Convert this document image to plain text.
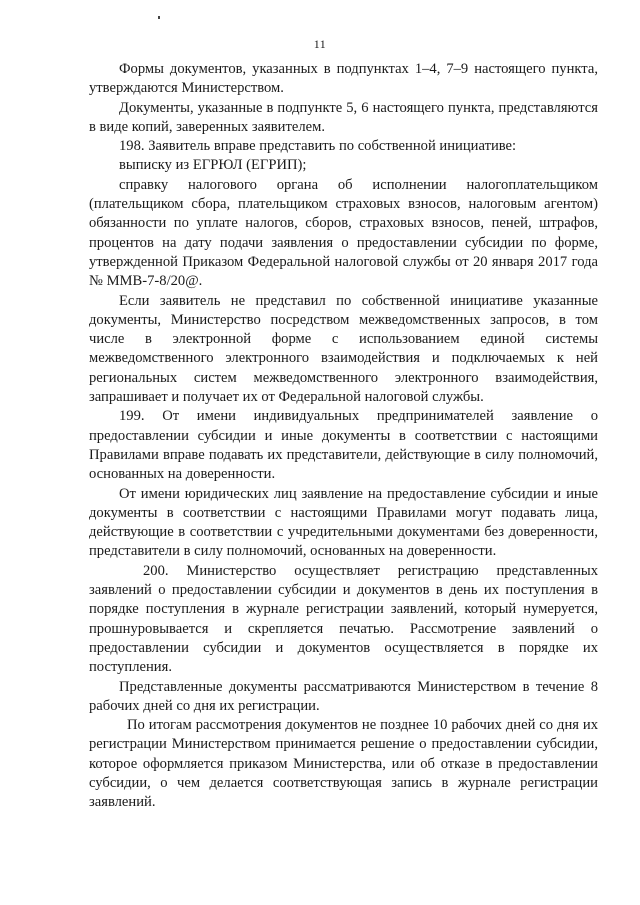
11

Формы документов, указанных в подпунктах 1–4, 7–9 настоящего пункта, утверждаются Министерством.

Документы, указанные в подпункте 5, 6 настоящего пункта, представляются в виде копий, заверенных заявителем.

198. Заявитель вправе представить по собственной инициативе:

выписку из ЕГРЮЛ (ЕГРИП);

справку налогового органа об исполнении налогоплательщиком (плательщиком сбора, плательщиком страховых взносов, налоговым агентом) обязанности по уплате налогов, сборов, страховых взносов, пеней, штрафов, процентов на дату подачи заявления о предоставлении субсидии по форме, утвержденной Приказом Федеральной налоговой службы от 20 января 2017 года № ММВ-7-8/20@.

Если заявитель не представил по собственной инициативе указанные документы, Министерство посредством межведомственных запросов, в том числе в электронной форме с использованием единой системы межведомственного электронного взаимодействия и подключаемых к ней региональных систем межведомственного электронного взаимодействия, запрашивает и получает их от Федеральной налоговой службы.

199. От имени индивидуальных предпринимателей заявление о предоставлении субсидии и иные документы в соответствии с настоящими Правилами вправе подавать их представители, действующие в силу полномочий, основанных на доверенности.

От имени юридических лиц заявление на предоставление субсидии и иные документы в соответствии с настоящими Правилами могут подавать лица, действующие в соответствии с учредительными документами без доверенности, представители в силу полномочий, основанных на доверенности.

200. Министерство осуществляет регистрацию представленных заявлений о предоставлении субсидии и документов в день их поступления в порядке поступления в журнале регистрации заявлений, который нумеруется, прошнуровывается и скрепляется печатью. Рассмотрение заявлений о предоставлении субсидии и документов осуществляется в порядке их поступления.

Представленные документы рассматриваются Министерством в течение 8 рабочих дней со дня их регистрации.

По итогам рассмотрения документов не позднее 10 рабочих дней со дня их регистрации Министерством принимается решение о предоставлении субсидии, которое оформляется приказом Министерства, или об отказе в предоставлении субсидии, о чем делается соответствующая запись в журнале регистрации заявлений.
